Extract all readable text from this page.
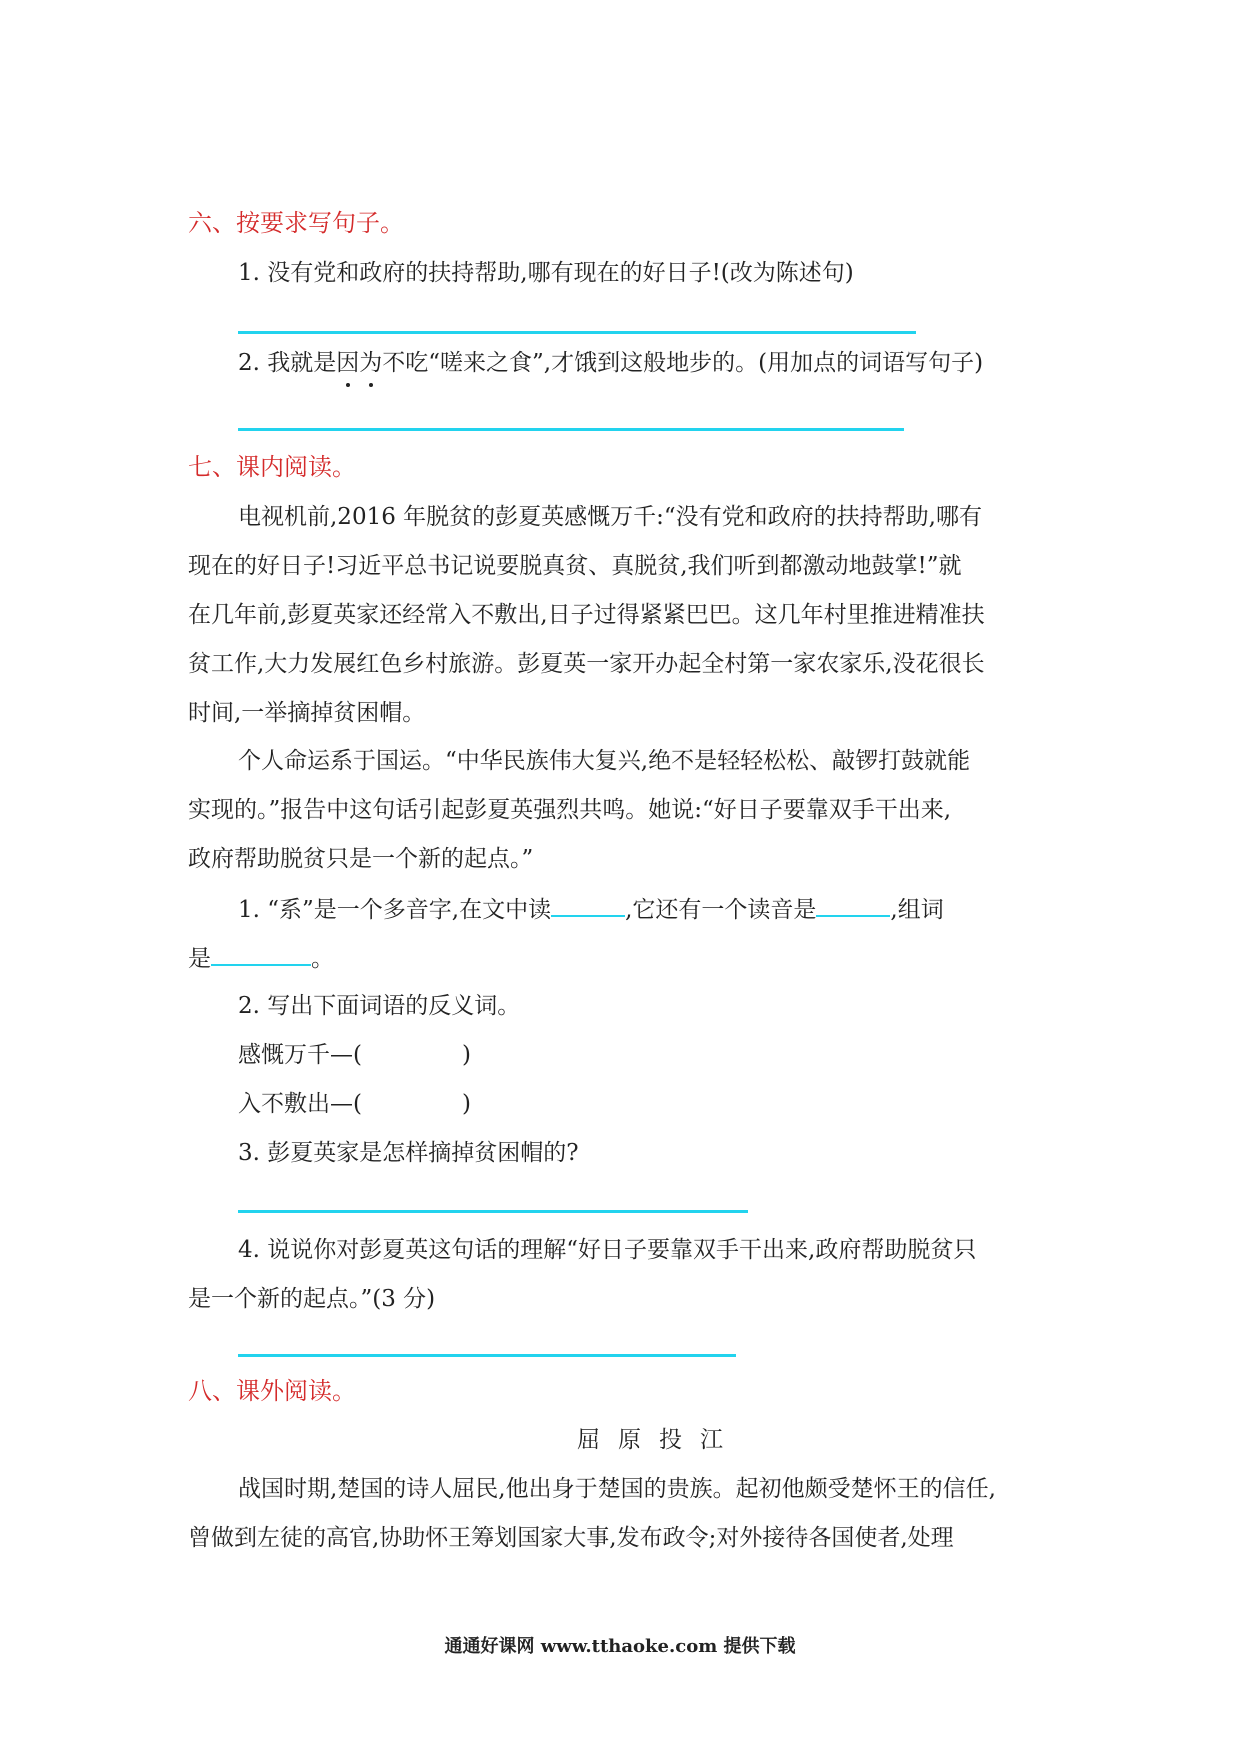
六、按要求写句子。
1. 没有党和政府的扶持帮助,哪有现在的好日子!(改为陈述句)
2. 我就是因为不吃“嗟来之食”,才饿到这般地步的。(用加点的词语写句子)
七、课内阅读。
电视机前,2016 年脱贫的彭夏英感慨万千:“没有党和政府的扶持帮助,哪有
现在的好日子!习近平总书记说要脱真贫、真脱贫,我们听到都激动地鼓掌!”就
在几年前,彭夏英家还经常入不敷出,日子过得紧紧巴巴。这几年村里推进精准扶
贫工作,大力发展红色乡村旅游。彭夏英一家开办起全村第一家农家乐,没花很长
时间,一举摘掉贫困帽。
个人命运系于国运。“中华民族伟大复兴,绝不是轻轻松松、敲锣打鼓就能
实现的。”报告中这句话引起彭夏英强烈共鸣。她说:“好日子要靠双手干出来,
政府帮助脱贫只是一个新的起点。”
1. “系”是一个多音字,在文中读	,它还有一个读音是	,组词
是	。
2. 写出下面词语的反义词。
感慨万千—(	)
入不敷出—(	)
3. 彭夏英家是怎样摘掉贫困帽的?
4. 说说你对彭夏英这句话的理解“好日子要靠双手干出来,政府帮助脱贫只
是一个新的起点。”(3 分)
八、课外阅读。
屈原投江
战国时期,楚国的诗人屈民,他出身于楚国的贵族。起初他颇受楚怀王的信任,
曾做到左徒的高官,协助怀王筹划国家大事,发布政令;对外接待各国使者,处理
通通好课网 www.tthaoke.com 提供下载
